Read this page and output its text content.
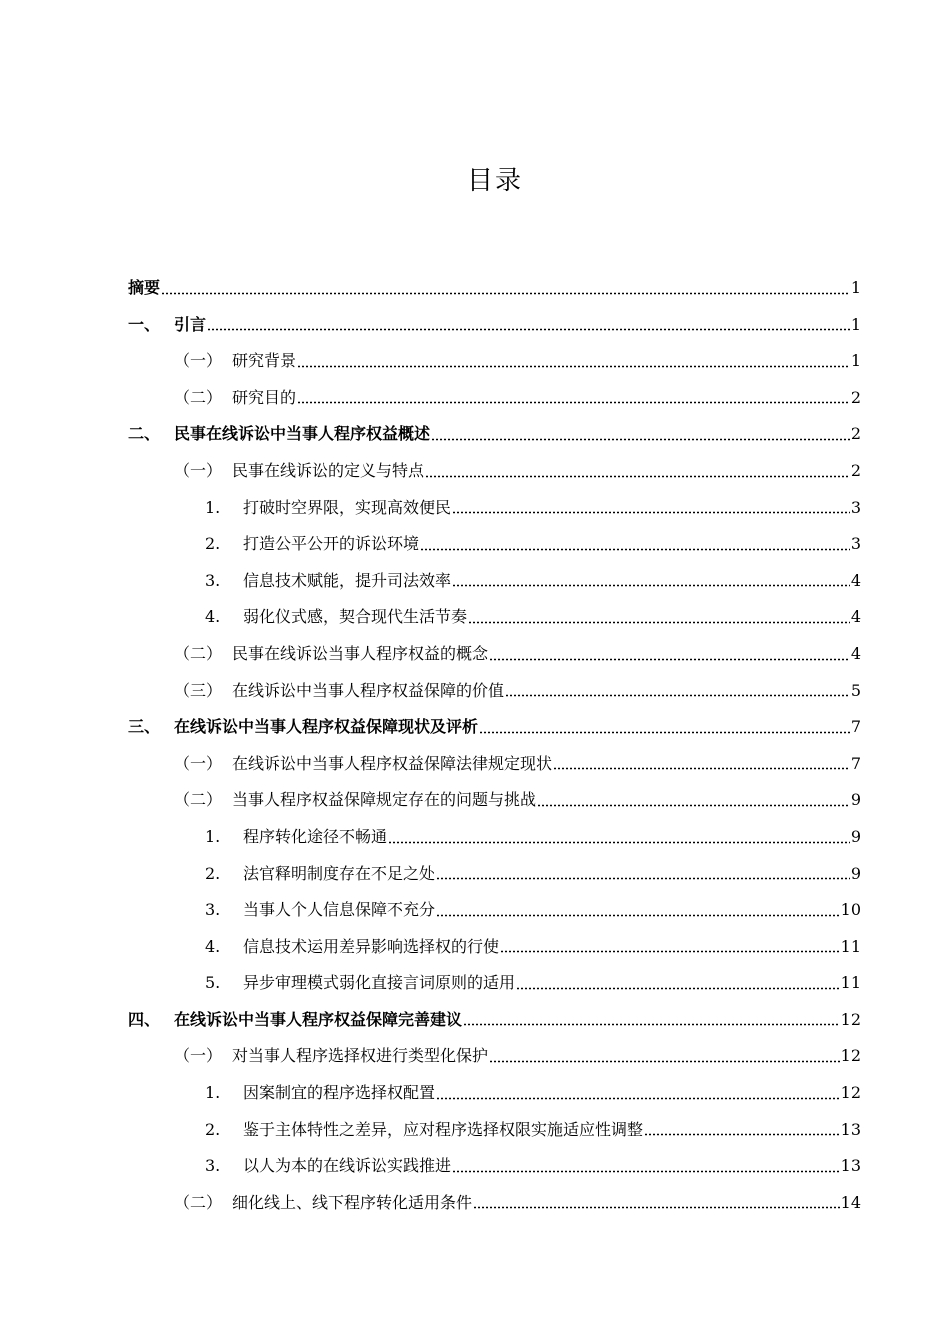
目录
摘要	1
一、 引言	1
（一） 研究背景	1
（二） 研究目的	2
二、 民事在线诉讼中当事人程序权益概述	2
（一） 民事在线诉讼的定义与特点	2
1.	打破时空界限，实现高效便民	3
2.	打造公平公开的诉讼环境	3
3.	信息技术赋能，提升司法效率	4
4.	弱化仪式感，契合现代生活节奏	4
（二） 民事在线诉讼当事人程序权益的概念	4
（三） 在线诉讼中当事人程序权益保障的价值	5
三、 在线诉讼中当事人程序权益保障现状及评析	7
（一） 在线诉讼中当事人程序权益保障法律规定现状	7
（二） 当事人程序权益保障规定存在的问题与挑战	9
1.	程序转化途径不畅通	9
2.	法官释明制度存在不足之处	9
3.	当事人个人信息保障不充分	10
4.	信息技术运用差异影响选择权的行使	11
5.	异步审理模式弱化直接言词原则的适用	11
四、 在线诉讼中当事人程序权益保障完善建议	12
（一） 对当事人程序选择权进行类型化保护	12
1.	因案制宜的程序选择权配置	12
2.	鉴于主体特性之差异，应对程序选择权限实施适应性调整	13
3.	以人为本的在线诉讼实践推进	13
（二） 细化线上、线下程序转化适用条件	14
